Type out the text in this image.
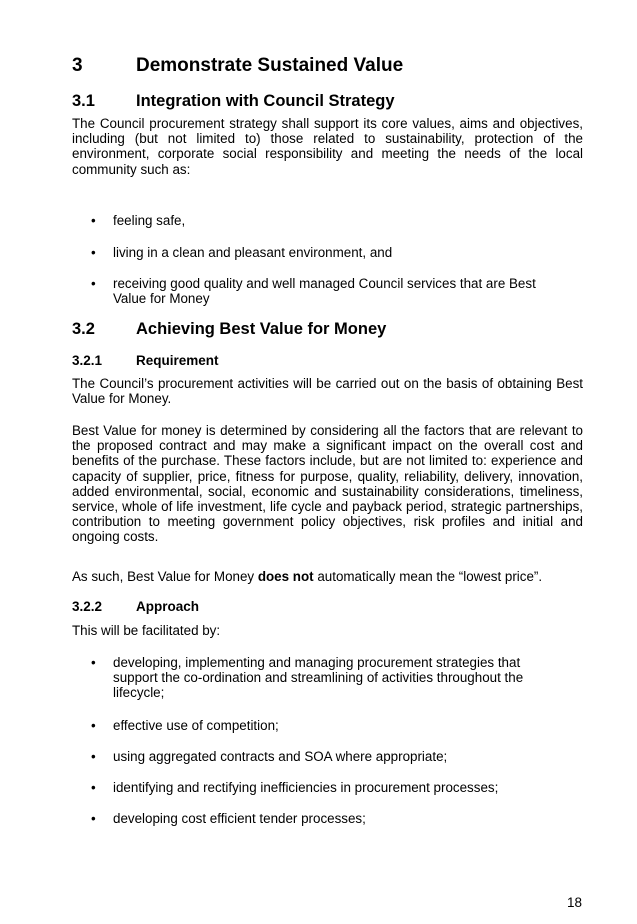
3	Demonstrate Sustained Value
3.1 Integration with Council Strategy
The Council procurement strategy shall support its core values, aims and objectives, including (but not limited to) those related to sustainability, protection of the environment, corporate social responsibility and meeting the needs of the local community such as:
• feeling safe,
• living in a clean and pleasant environment, and
• receiving good quality and well managed Council services that are Best Value for Money
3.2 Achieving Best Value for Money
3.2.1	Requirement
The Council’s procurement activities will be carried out on the basis of obtaining Best Value for Money.
Best Value for money is determined by considering all the factors that are relevant to the proposed contract and may make a significant impact on the overall cost and benefits of the purchase. These factors include, but are not limited to: experience and capacity of supplier, price, fitness for purpose, quality, reliability, delivery, innovation, added environmental, social, economic and sustainability considerations, timeliness, service, whole of life investment, life cycle and payback period, strategic partnerships, contribution to meeting government policy objectives, risk profiles and initial and ongoing costs.
As such, Best Value for Money does not automatically mean the “lowest price”.
3.2.2	Approach
This will be facilitated by:
• developing, implementing and managing procurement strategies that support the co-ordination and streamlining of activities throughout the lifecycle;
• effective use of competition;
• using aggregated contracts and SOA where appropriate;
• identifying and rectifying inefficiencies in procurement processes;
• developing cost efficient tender processes;
18
